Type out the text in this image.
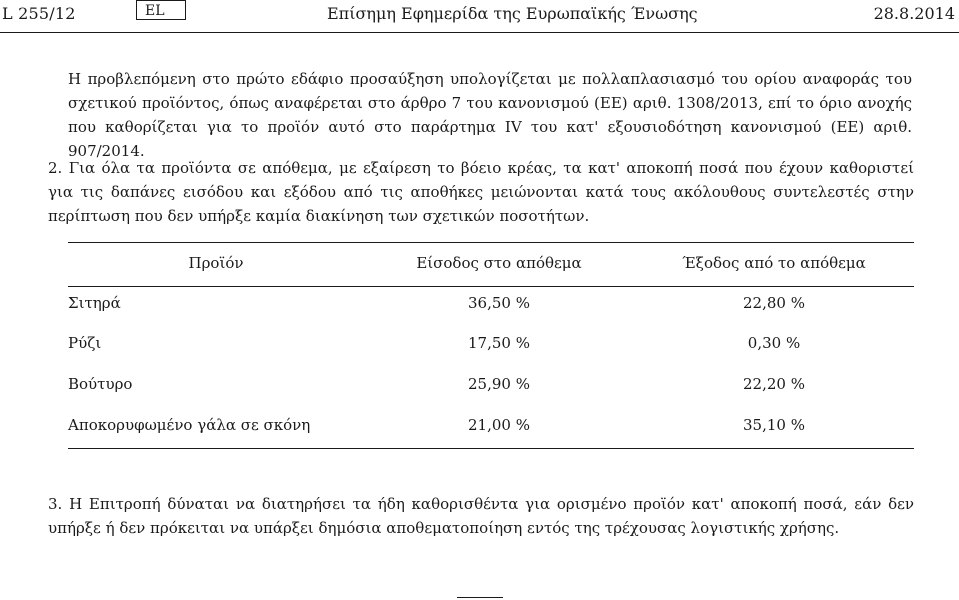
L 255/12	EL	Επίσημη Εφημερίδα της Ευρωπαϊκής Ένωσης	28.8.2014

Η προβλεπόμενη στο πρώτο εδάφιο προσαύξηση υπολογίζεται με πολλαπλασιασμό του ορίου αναφοράς του σχετικού προϊόντος, όπως αναφέρεται στο άρθρο 7 του κανονισμού (ΕΕ) αριθ. 1308/2013, επί το όριο ανοχής που καθορίζεται για το προϊόν αυτό στο παράρτημα IV του κατ' εξουσιοδότηση κανονισμού (ΕΕ) αριθ. 907/2014.

2. Για όλα τα προϊόντα σε απόθεμα, με εξαίρεση το βόειο κρέας, τα κατ' αποκοπή ποσά που έχουν καθοριστεί για τις δαπάνες εισόδου και εξόδου από τις αποθήκες μειώνονται κατά τους ακόλουθους συντελεστές στην περίπτωση που δεν υπήρξε καμία διακίνηση των σχετικών ποσοτήτων.
Προϊόν	Είσοδος στο απόθεμα	Έξοδος από το απόθεμα
Σιτηρά	36,50 %	22,80 %
Ρύζι	17,50 %	0,30 %
Βούτυρο	25,90 %	22,20 %
Αποκορυφωμένο γάλα σε σκόνη	21,00 %	35,10 %
3. Η Επιτροπή δύναται να διατηρήσει τα ήδη καθορισθέντα για ορισμένο προϊόν κατ' αποκοπή ποσά, εάν δεν υπήρξε ή δεν πρόκειται να υπάρξει δημόσια αποθεματοποίηση εντός της τρέχουσας λογιστικής χρήσης.
